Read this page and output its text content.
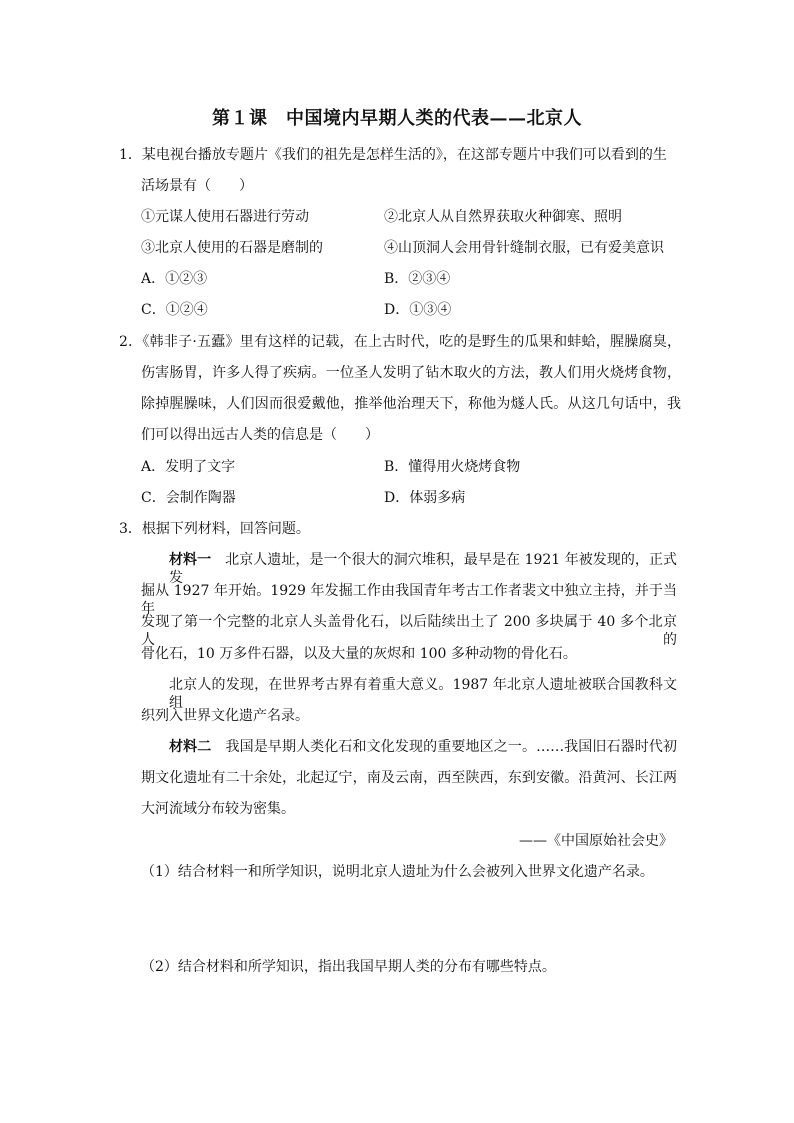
第１课　中国境内早期人类的代表——北京人
1．某电视台播放专题片《我们的祖先是怎样生活的》，在这部专题片中我们可以看到的生
活场景有（　　）
①元谋人使用石器进行劳动	②北京人从自然界获取火种御寒、照明
③北京人使用的石器是磨制的	④山顶洞人会用骨针缝制衣服，已有爱美意识
A．①②③	B．②③④
C．①②④	D．①③④
2．《韩非子·五蠹》里有这样的记载，在上古时代，吃的是野生的瓜果和蚌蛤，腥臊腐臭，
伤害肠胃，许多人得了疾病。一位圣人发明了钻木取火的方法，教人们用火烧烤食物，
除掉腥臊味，人们因而很爱戴他，推举他治理天下，称他为燧人氏。从这几句话中，我
们可以得出远古人类的信息是（　　）
A．发明了文字	B．懂得用火烧烤食物
C．会制作陶器	D．体弱多病
3．根据下列材料，回答问题。
材料一　北京人遗址，是一个很大的洞穴堆积，最早是在 1921 年被发现的，正式发
掘从 1927 年开始。1929 年发掘工作由我国青年考古工作者裴文中独立主持，并于当年
发现了第一个完整的北京人头盖骨化石，以后陆续出土了 200 多块属于 40 多个北京人的
骨化石，10 万多件石器，以及大量的灰烬和 100 多种动物的骨化石。
北京人的发现，在世界考古界有着重大意义。1987 年北京人遗址被联合国教科文组
织列入世界文化遗产名录。
材料二　我国是早期人类化石和文化发现的重要地区之一。……我国旧石器时代初
期文化遗址有二十余处，北起辽宁，南及云南，西至陕西，东到安徽。沿黄河、长江两
大河流域分布较为密集。
——《中国原始社会史》
（1）结合材料一和所学知识，说明北京人遗址为什么会被列入世界文化遗产名录。
（2）结合材料和所学知识，指出我国早期人类的分布有哪些特点。
